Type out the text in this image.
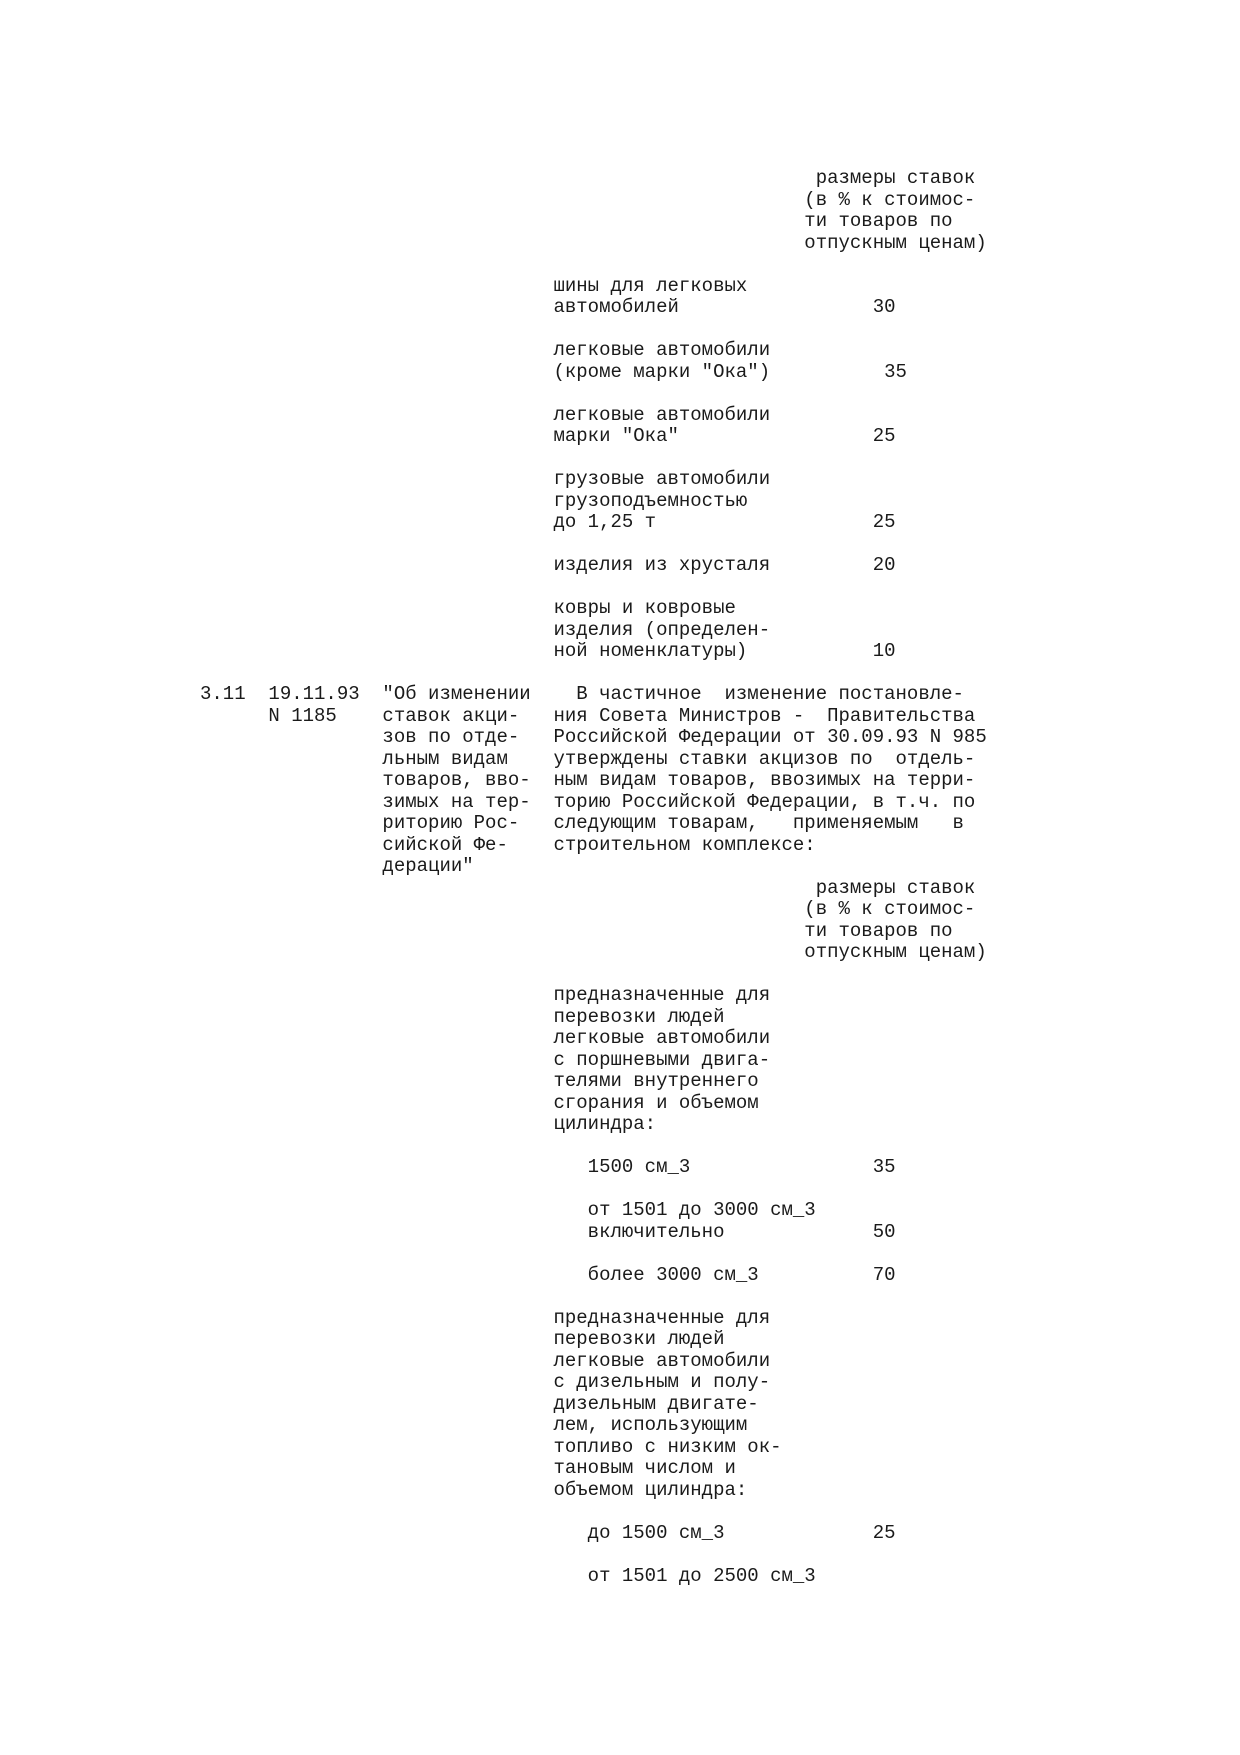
размеры ставок
(в % к стоимос-
ти товаров по
отпускным ценам)
шины для легковых
автомобилей                 30
легковые автомобили
(кроме марки "Ока")          35
легковые автомобили
марки "Ока"                 25
грузовые автомобили
грузоподъемностью
до 1,25 т                   25
изделия из хрусталя         20
ковры и ковровые
изделия (определен-
ной номенклатуры)           10
3.11  19.11.93  "Об изменении    В частичное  изменение постановле-
N 1185    ставок акци-   ния Совета Министров -  Правительства
зов по отде-   Российской Федерации от 30.09.93 N 985
льным видам    утверждены ставки акцизов по  отдель-
товаров, вво-  ным видам товаров, ввозимых на терри-
зимых на тер-  торию Российской Федерации, в т.ч. по
риторию Рос-   следующим товарам,   применяемым   в
сийской Фе-    строительном комплексе:
дерации"
размеры ставок
(в % к стоимос-
ти товаров по
отпускным ценам)
предназначенные для
перевозки людей
легковые автомобили
с поршневыми двига-
телями внутреннего
сгорания и объемом
цилиндра:
1500 см_3                35
от 1501 до 3000 см_3
включительно             50
более 3000 см_3          70
предназначенные для
перевозки людей
легковые автомобили
с дизельным и полу-
дизельным двигате-
лем, использующим
топливо с низким ок-
тановым числом и
объемом цилиндра:
до 1500 см_3             25
от 1501 до 2500 см_3
